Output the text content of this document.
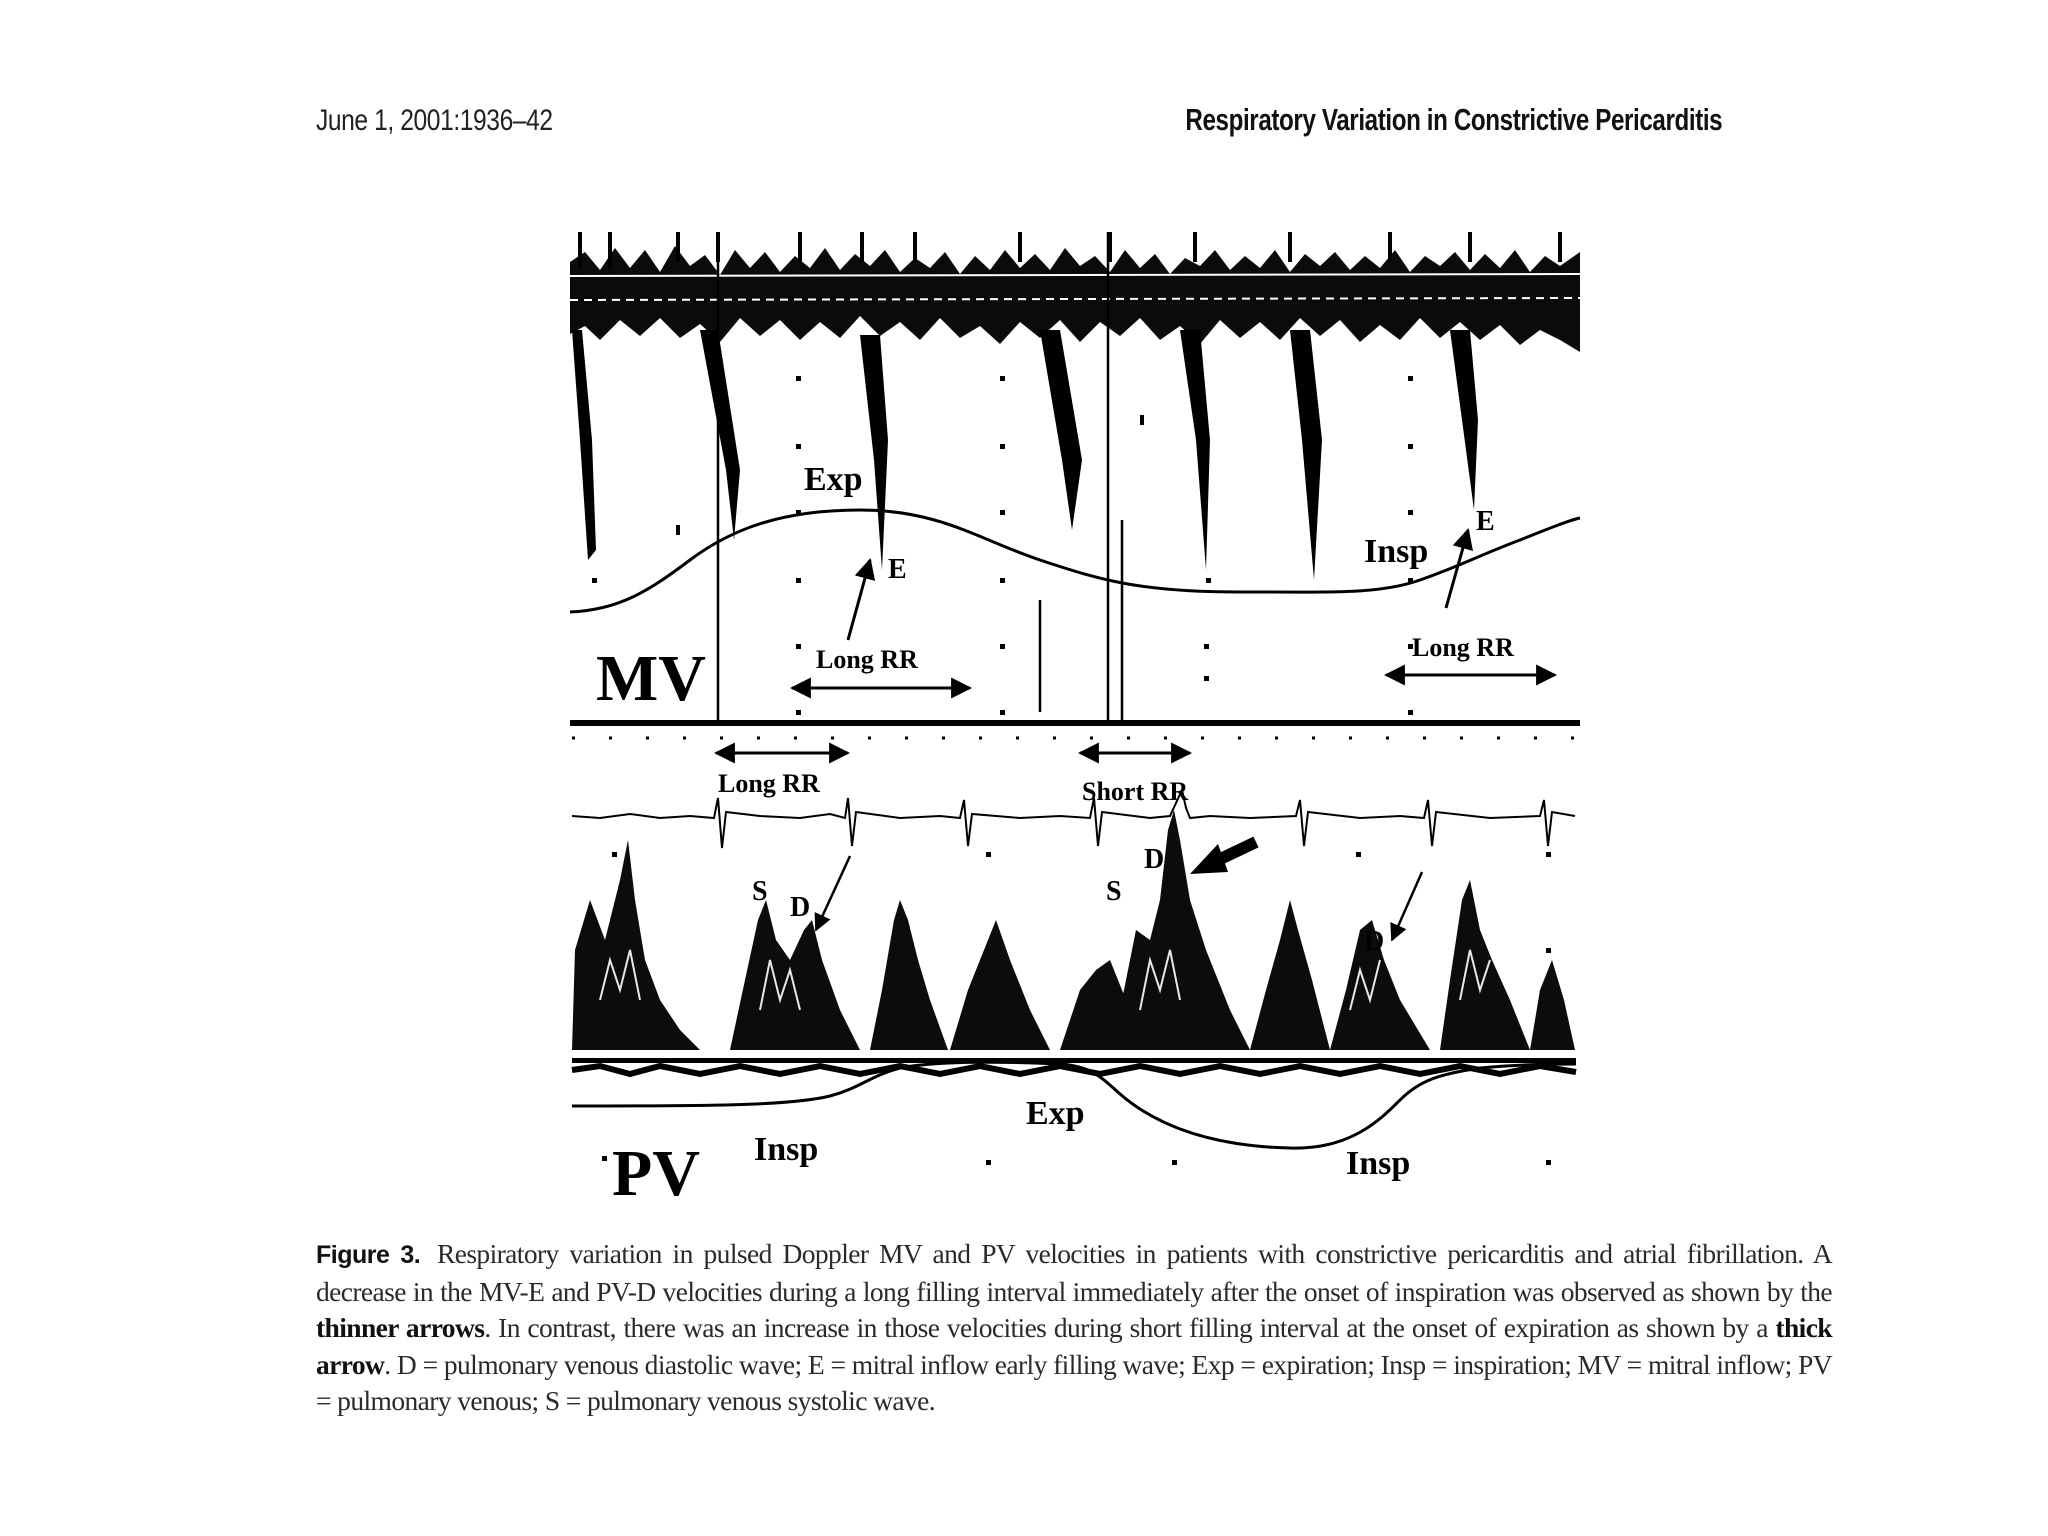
June 1, 2001:1936–42	Respiratory Variation in Constrictive Pericarditis
MV
Exp
Insp
E
E
Long RR	Long RR
PV
Long RR	Short RR
S
D
S
D
D
Exp
Insp	Insp
Figure 3. Respiratory variation in pulsed Doppler MV and PV velocities in patients with constrictive pericarditis and atrial fibrillation. A decrease in the MV-E and PV-D velocities during a long filling interval immediately after the onset of inspiration was observed as shown by the thinner arrows. In contrast, there was an increase in those velocities during short filling interval at the onset of expiration as shown by a thick arrow. D = pulmonary venous diastolic wave; E = mitral inflow early filling wave; Exp = expiration; Insp = inspiration; MV = mitral inflow; PV = pulmonary venous; S = pulmonary venous systolic wave.
